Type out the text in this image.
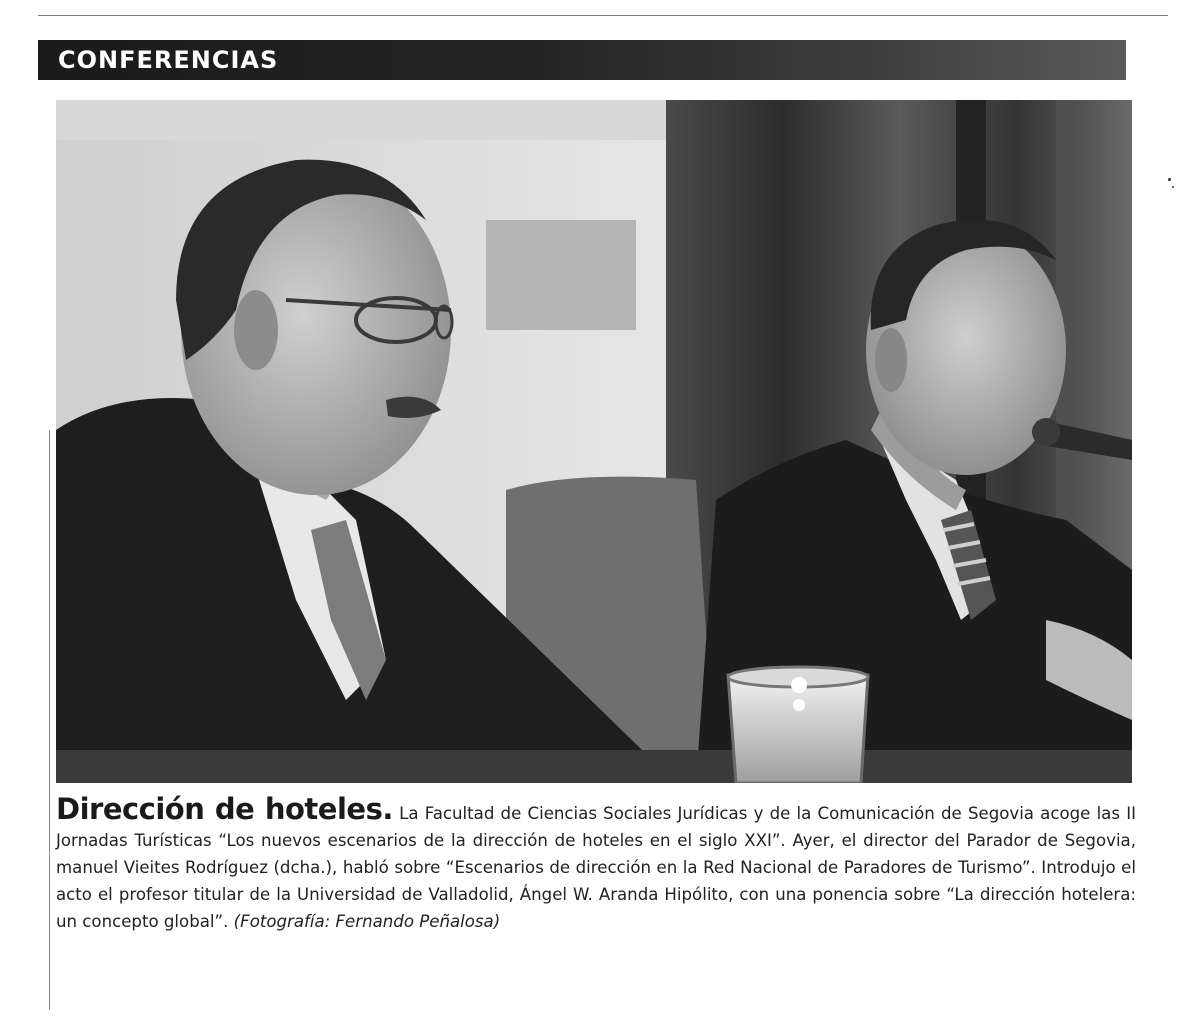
CONFERENCIAS
Dirección de hoteles. La Facultad de Ciencias Sociales Jurídicas y de la Comunicación de Segovia acoge las II Jornadas Turísticas “Los nuevos escenarios de la dirección de hoteles en el siglo XXI”. Ayer, el director del Parador de Segovia, manuel Vieites Rodríguez (dcha.), habló sobre “Escenarios de dirección en la Red Nacional de Paradores de Turismo”. Introdujo el acto el profesor titular de la Universidad de Valladolid, Ángel W. Aranda Hipólito, con una ponencia sobre “La dirección hotelera: un concepto global”. (Fotografía: Fernando Peñalosa)
